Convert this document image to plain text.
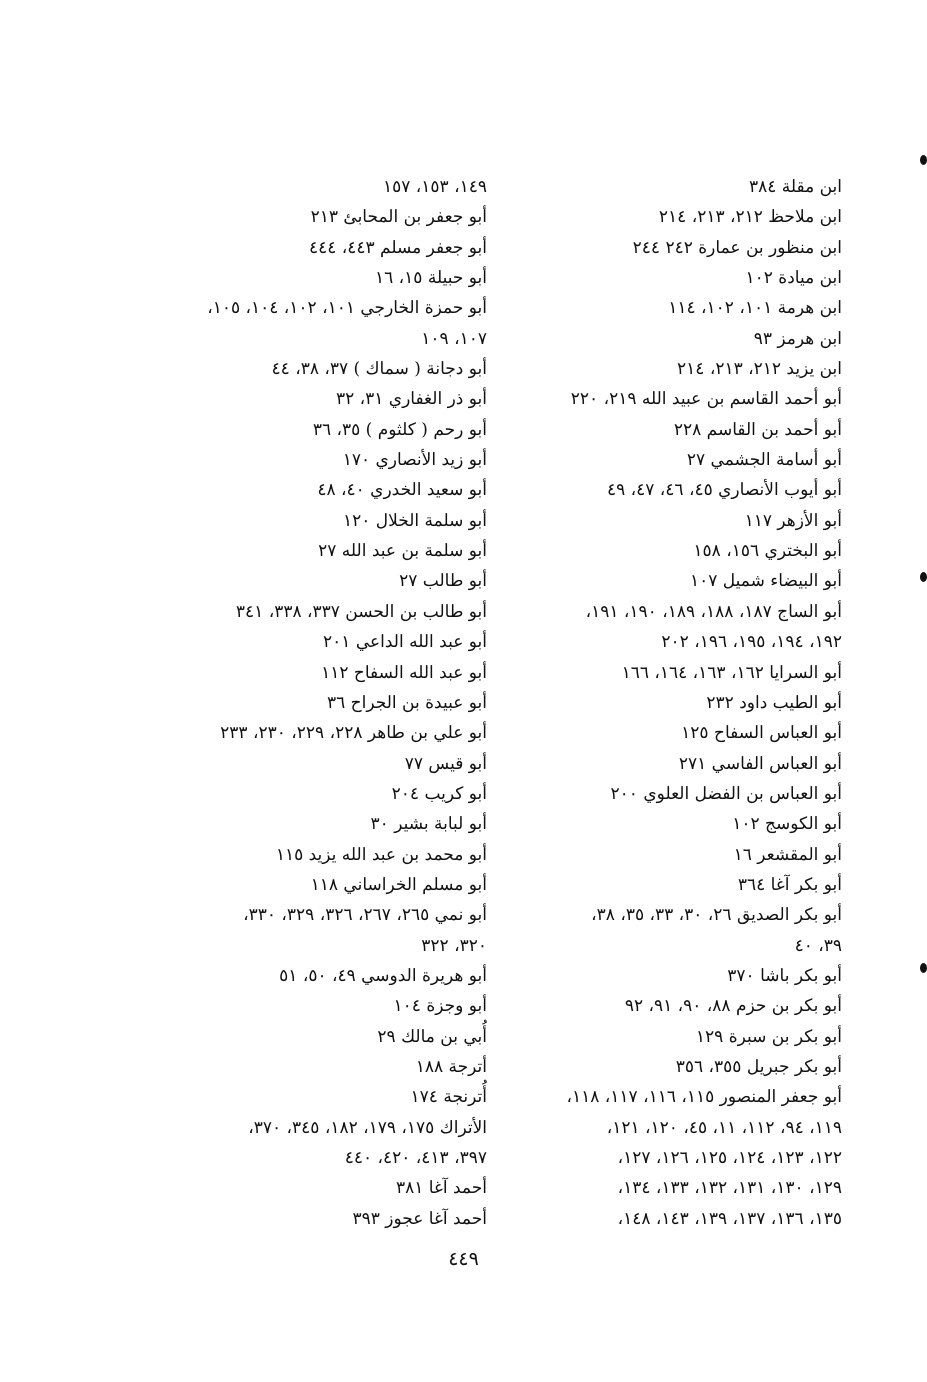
ابن مقلة ٣٨٤
ابن ملاحظ ٢١٢، ٢١٣، ٢١٤
ابن منظور بن عمارة ٢٤٢ ٢٤٤
ابن ميادة ١٠٢
ابن هرمة ١٠١، ١٠٢، ١١٤
ابن هرمز ٩٣
ابن يزيد ٢١٢، ٢١٣، ٢١٤
أبو أحمد القاسم بن عبيد الله ٢١٩، ٢٢٠
أبو أحمد بن القاسم ٢٢٨
أبو أسامة الجشمي ٢٧
أبو أيوب الأنصاري ٤٥، ٤٦، ٤٧، ٤٩
أبو الأزهر ١١٧
أبو البختري ١٥٦، ١٥٨
أبو البيضاء شميل ١٠٧
أبو الساج ١٨٧، ١٨٨، ١٨٩، ١٩٠، ١٩١،
١٩٢، ١٩٤، ١٩٥، ١٩٦، ٢٠٢
أبو السرايا ١٦٢، ١٦٣، ١٦٤، ١٦٦
أبو الطيب داود ٢٣٢
أبو العباس السفاح ١٢٥
أبو العباس الفاسي ٢٧١
أبو العباس بن الفضل العلوي ٢٠٠
أبو الكوسج ١٠٢
أبو المقشعر ١٦
أبو بكر آغا ٣٦٤
أبو بكر الصديق ٢٦، ٣٠، ٣٣، ٣٥، ٣٨،
٣٩، ٤٠
أبو بكر باشا ٣٧٠
أبو بكر بن حزم ٨٨، ٩٠، ٩١، ٩٢
أبو بكر بن سبرة ١٢٩
أبو بكر جبريل ٣٥٥، ٣٥٦
أبو جعفر المنصور ١١٥، ١١٦، ١١٧، ١١٨،
١١٩، ٩٤، ١١٢، ١١، ٤٥، ١٢٠، ١٢١،
١٢٢، ١٢٣، ١٢٤، ١٢٥، ١٢٦، ١٢٧،
١٢٩، ١٣٠، ١٣١، ١٣٢، ١٣٣، ١٣٤،
١٣٥، ١٣٦، ١٣٧، ١٣٩، ١٤٣، ١٤٨،
١٤٩، ١٥٣، ١٥٧
أبو جعفر بن المحابئ ٢١٣
أبو جعفر مسلم ٤٤٣، ٤٤٤
أبو حبيلة ١٥، ١٦
أبو حمزة الخارجي ١٠١، ١٠٢، ١٠٤، ١٠٥،
١٠٧، ١٠٩
أبو دجانة ( سماك ) ٣٧، ٣٨، ٤٤
أبو ذر الغفاري ٣١، ٣٢
أبو رحم ( كلثوم ) ٣٥، ٣٦
أبو زيد الأنصاري ١٧٠
أبو سعيد الخدري ٤٠، ٤٨
أبو سلمة الخلال ١٢٠
أبو سلمة بن عبد الله ٢٧
أبو طالب ٢٧
أبو طالب بن الحسن ٣٣٧، ٣٣٨، ٣٤١
أبو عبد الله الداعي ٢٠١
أبو عبد الله السفاح ١١٢
أبو عبيدة بن الجراح ٣٦
أبو علي بن طاهر ٢٢٨، ٢٢٩، ٢٣٠، ٢٣٣
أبو قيس ٧٧
أبو كريب ٢٠٤
أبو لبابة بشير ٣٠
أبو محمد بن عبد الله يزيد ١١٥
أبو مسلم الخراساني ١١٨
أبو نمي ٢٦٥، ٢٦٧، ٣٢٦، ٣٢٩، ٣٣٠،
٣٢٠، ٣٢٢
أبو هريرة الدوسي ٤٩، ٥٠، ٥١
أبو وجزة ١٠٤
أُبي بن مالك ٢٩
أترجة ١٨٨
أُترنجة ١٧٤
الأتراك ١٧٥، ١٧٩، ١٨٢، ٣٤٥، ٣٧٠،
٣٩٧، ٤١٣، ٤٢٠، ٤٤٠
أحمد آغا ٣٨١
أحمد آغا عجوز ٣٩٣
٤٤٩
